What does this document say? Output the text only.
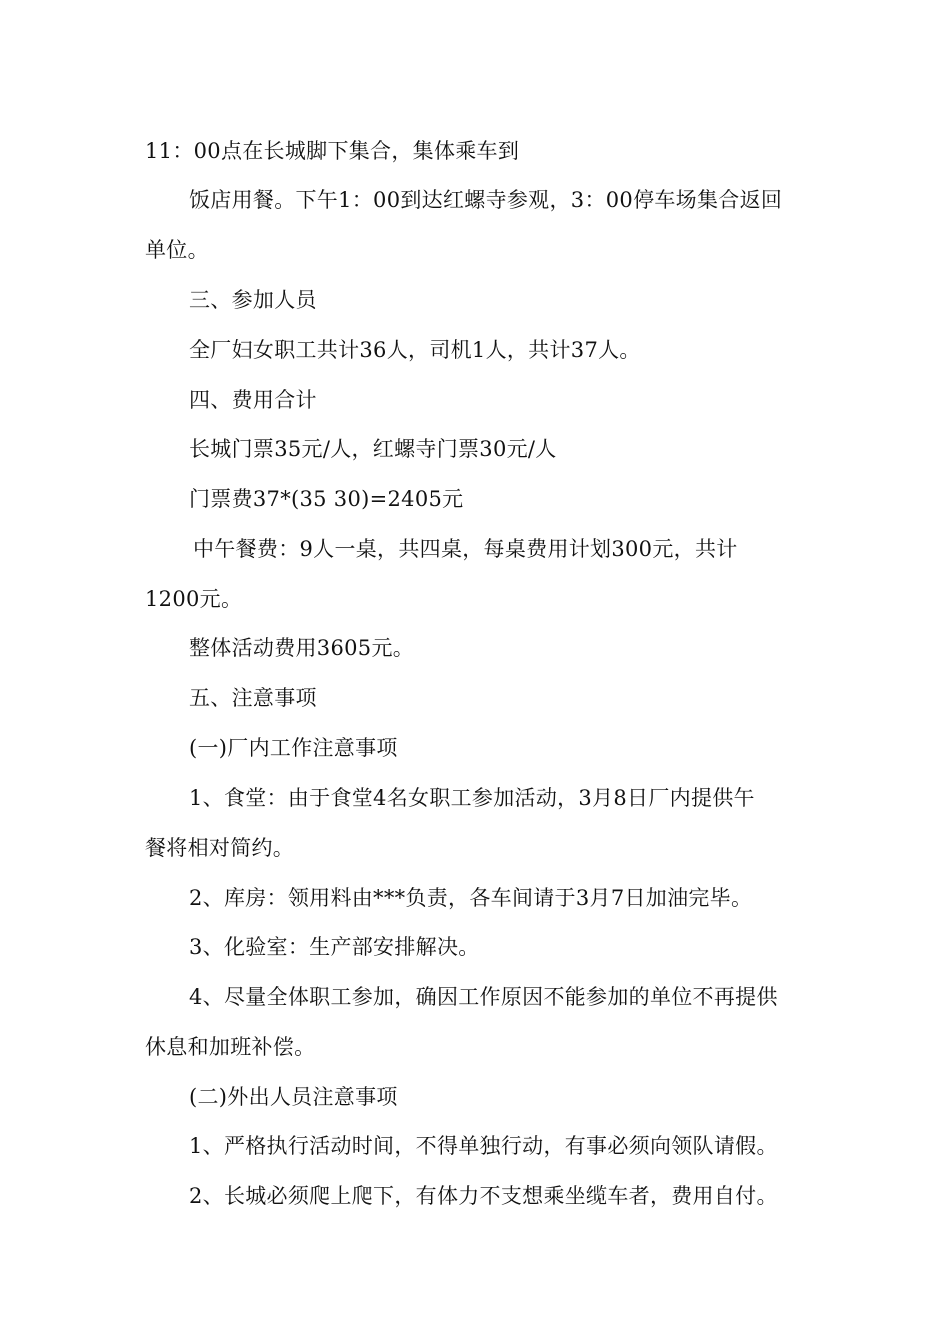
11：00点在长城脚下集合，集体乘车到
饭店用餐。下午1：00到达红螺寺参观，3：00停车场集合返回
单位。
三、参加人员
全厂妇女职工共计36人，司机1人，共计37人。
四、费用合计
长城门票35元/人，红螺寺门票30元/人
门票费37*(35 30)=2405元
中午餐费：9人一桌，共四桌，每桌费用计划300元，共计
1200元。
整体活动费用3605元。
五、注意事项
(一)厂内工作注意事项
1、食堂：由于食堂4名女职工参加活动，3月8日厂内提供午
餐将相对简约。
2、库房：领用料由***负责，各车间请于3月7日加油完毕。
3、化验室：生产部安排解决。
4、尽量全体职工参加，确因工作原因不能参加的单位不再提供
休息和加班补偿。
(二)外出人员注意事项
1、严格执行活动时间，不得单独行动，有事必须向领队请假。
2、长城必须爬上爬下，有体力不支想乘坐缆车者，费用自付。
